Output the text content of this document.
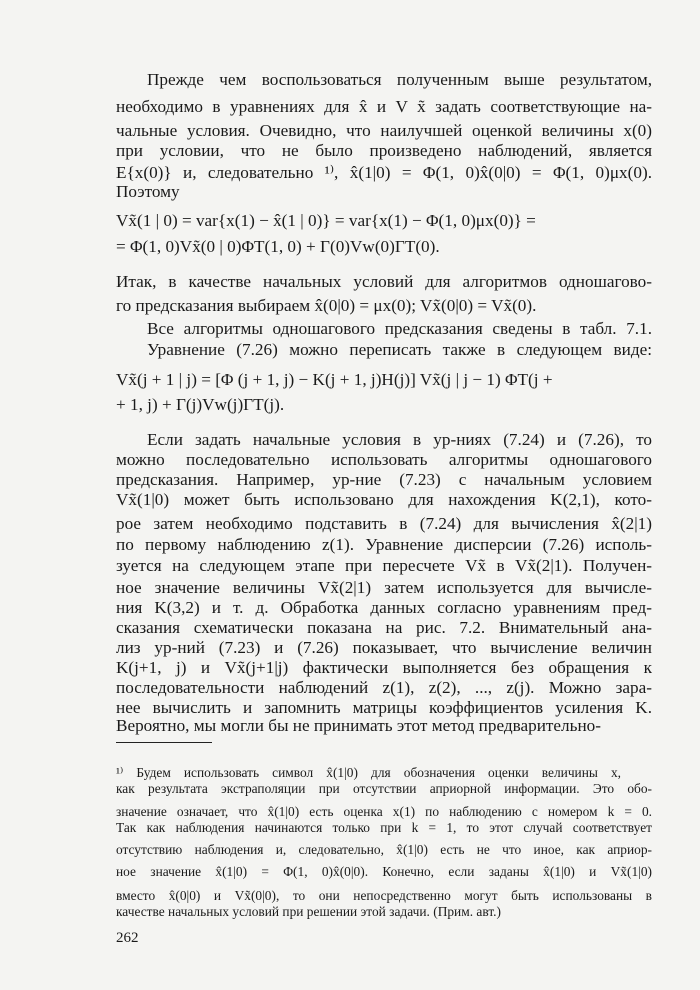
Прежде чем воспользоваться полученным выше результатом,
необходимо в уравнениях для x̂ и V x̃ задать соответствующие на-
чальные условия. Очевидно, что наилучшей оценкой величины x(0)
при условии, что не было произведено наблюдений, является
E{x(0)} и, следовательно ¹⁾, x̂(1|0) = Φ(1, 0)x̂(0|0) = Φ(1, 0)μx(0).
Поэтому
Vx̃(1 | 0) = var{x(1) − x̂(1 | 0)} = var{x(1) − Φ(1, 0)μx(0)} =
= Φ(1, 0)Vx̃(0 | 0)ΦT(1, 0) + Γ(0)Vw(0)ΓT(0).
Итак, в качестве начальных условий для алгоритмов одношагово-
го предсказания выбираем x̂(0|0) = μx(0); Vx̃(0|0) = Vx̃(0).
Все алгоритмы одношагового предсказания сведены в табл. 7.1.
Уравнение (7.26) можно переписать также в следующем виде:
Vx̃(j + 1 | j) = [Φ (j + 1, j) − K(j + 1, j)H(j)] Vx̃(j | j − 1) ΦT(j +
+ 1, j) + Γ(j)Vw(j)ΓT(j).
Если задать начальные условия в ур-ниях (7.24) и (7.26), то
можно последовательно использовать алгоритмы одношагового
предсказания. Например, ур-ние (7.23) с начальным условием
Vx̃(1|0) может быть использовано для нахождения K(2,1), кото-
рое затем необходимо подставить в (7.24) для вычисления x̂(2|1)
по первому наблюдению z(1). Уравнение дисперсии (7.26) исполь-
зуется на следующем этапе при пересчете Vx̃ в Vx̃(2|1). Получен-
ное значение величины Vx̃(2|1) затем используется для вычисле-
ния K(3,2) и т. д. Обработка данных согласно уравнениям пред-
сказания схематически показана на рис. 7.2. Внимательный ана-
лиз ур-ний (7.23) и (7.26) показывает, что вычисление величин
K(j+1, j) и Vx̃(j+1|j) фактически выполняется без обращения к
последовательности наблюдений z(1), z(2), ..., z(j). Можно зара-
нее вычислить и запомнить матрицы коэффициентов усиления K.
Вероятно, мы могли бы не принимать этот метод предварительно-
¹⁾ Будем использовать символ x̂(1|0) для обозначения оценки величины x,
как результата экстраполяции при отсутствии априорной информации. Это обо-
значение означает, что x̂(1|0) есть оценка x(1) по наблюдению с номером k = 0.
Так как наблюдения начинаются только при k = 1, то этот случай соответствует
отсутствию наблюдения и, следовательно, x̂(1|0) есть не что иное, как априор-
ное значение x̂(1|0) = Φ(1, 0)x̂(0|0). Конечно, если заданы x̂(1|0) и Vx̃(1|0)
вместо x̂(0|0) и Vx̃(0|0), то они непосредственно могут быть использованы в
качестве начальных условий при решении этой задачи. (Прим. авт.)
262
